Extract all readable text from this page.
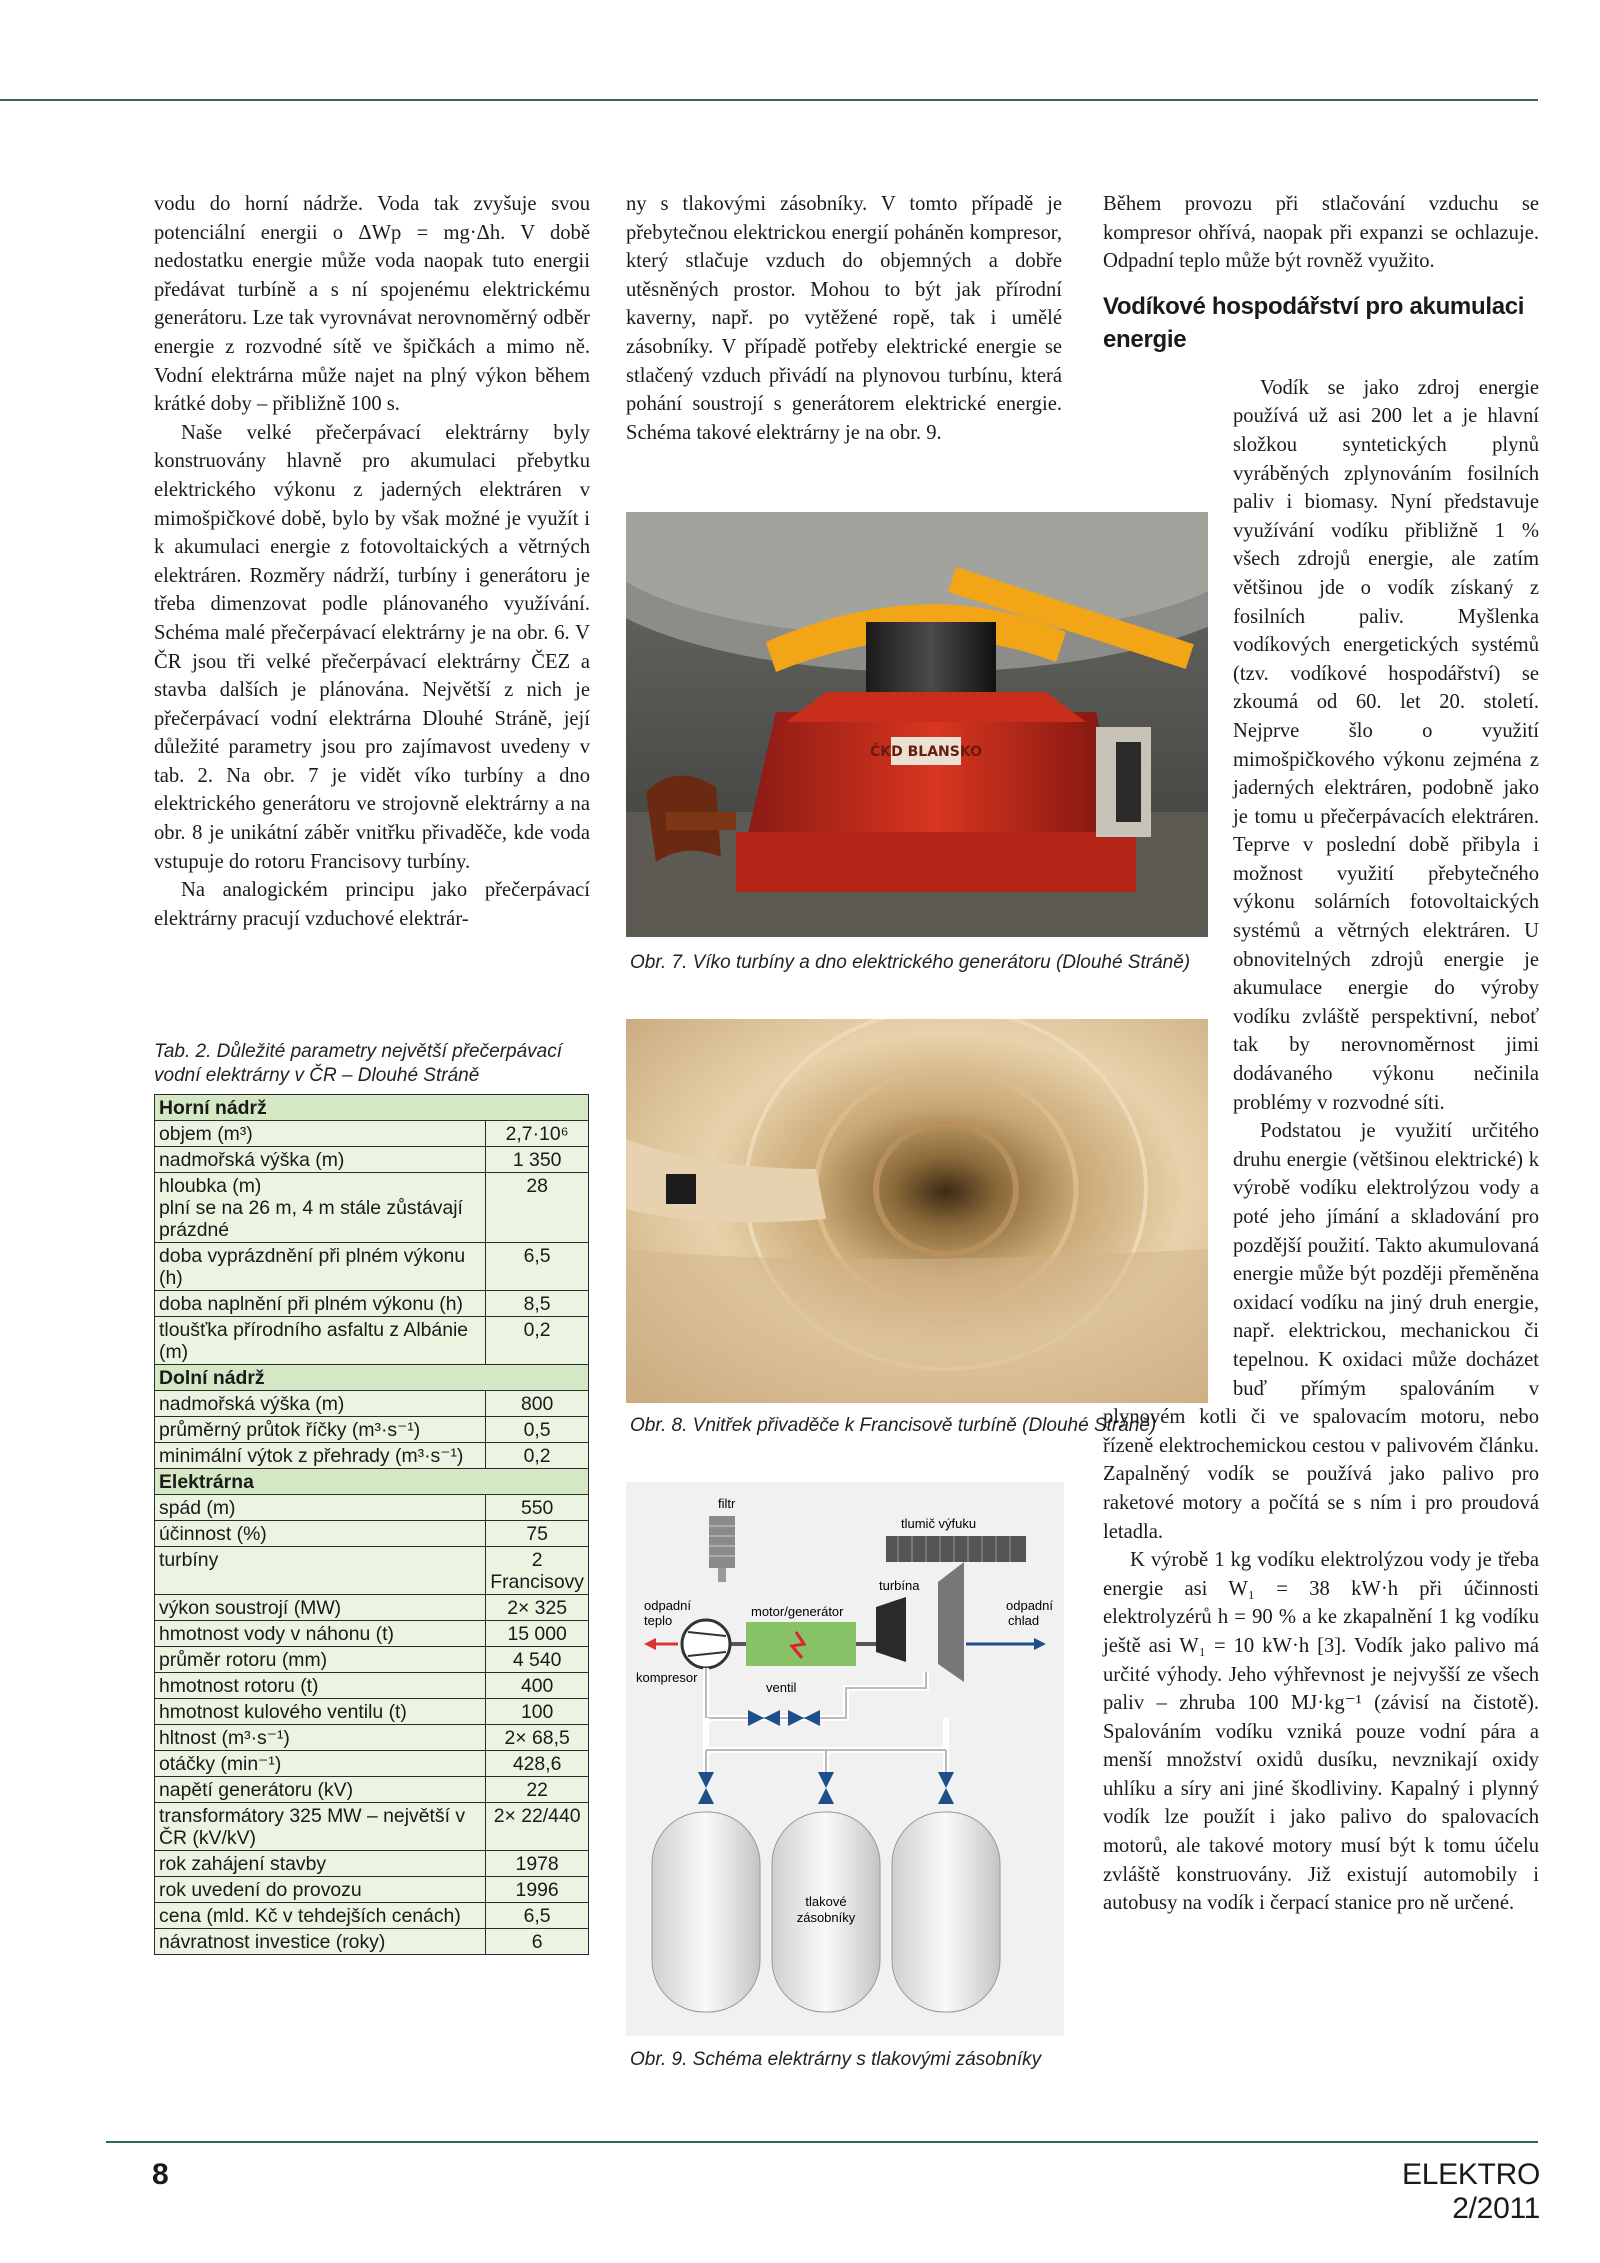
vodu do horní nádrže. Voda tak zvyšuje svou potenciální energii o ΔWp = mg·Δh. V době nedostatku energie může voda naopak tuto energii předávat turbíně a s ní spojenému elektrickému generátoru. Lze tak vyrovnávat nerovnoměrný odběr energie z rozvodné sítě ve špičkách a mimo ně. Vodní elektrárna může najet na plný výkon během krátké doby – přibližně 100 s.

Naše velké přečerpávací elektrárny byly konstruovány hlavně pro akumulaci přebytku elektrického výkonu z jaderných elektráren v mimošpičkové době, bylo by však možné je využít i k akumulaci energie z fotovoltaických a větrných elektráren. Rozměry nádrží, turbíny i generátoru je třeba dimenzovat podle plánovaného využívání. Schéma malé přečerpávací elektrárny je na obr. 6. V ČR jsou tři velké přečerpávací elektrárny ČEZ a stavba dalších je plánována. Největší z nich je přečerpávací vodní elektrárna Dlouhé Stráně, její důležité parametry jsou pro zajímavost uvedeny v tab. 2. Na obr. 7 je vidět víko turbíny a dno elektrického generátoru ve strojovně elektrárny a na obr. 8 je unikátní záběr vnitřku přivaděče, kde voda vstupuje do rotoru Francisovy turbíny.

Na analogickém principu jako přečerpávací elektrárny pracují vzduchové elektrár-

Tab. 2. Důležité parametry největší přečerpávací vodní elektrárny v ČR – Dlouhé Stráně
Horní nádrž	
objem (m³)	2,7·10⁶
nadmořská výška (m)	1 350
hloubka (m)
plní se na 26 m, 4 m stále zůstávají prázdné	28
doba vyprázdnění při plném výkonu (h)	6,5
doba naplnění při plném výkonu (h)	8,5
tloušťka přírodního asfaltu z Albánie (m)	0,2
Dolní nádrž	
nadmořská výška (m)	800
průměrný průtok říčky (m³·s⁻¹)	0,5
minimální výtok z přehrady (m³·s⁻¹)	0,2
Elektrárna	
spád (m)	550
účinnost (%)	75
turbíny	2 Francisovy
výkon soustrojí (MW)	2× 325
hmotnost vody v náhonu (t)	15 000
průměr rotoru (mm)	4 540
hmotnost rotoru (t)	400
hmotnost kulového ventilu (t)	100
hltnost (m³·s⁻¹)	2× 68,5
otáčky (min⁻¹)	428,6
napětí generátoru (kV)	22
transformátory 325 MW – největší v ČR (kV/kV)	2× 22/440
rok zahájení stavby	1978
rok uvedení do provozu	1996
cena (mld. Kč v tehdejších cenách)	6,5
návratnost investice (roky)	6

ny s tlakovými zásobníky. V tomto případě je přebytečnou elektrickou energií poháněn kompresor, který stlačuje vzduch do objemných a dobře utěsněných prostor. Mohou to být jak přírodní kaverny, např. po vytěžené ropě, tak i umělé zásobníky. V případě potřeby elektrické energie se stlačený vzduch přivádí na plynovou turbínu, která pohání soustrojí s generátorem elektrické energie. Schéma takové elektrárny je na obr. 9.

ČKD BLANSKO
Obr. 7. Víko turbíny a dno elektrického generátoru (Dlouhé Stráně)
Obr. 8. Vnitřek přivaděče k Francisově turbíně (Dlouhé Stráně)
filtr
tlumič výfuku
turbína
motor/generátor
kompresor
odpadní
teplo
odpadní
chlad
ventil
tlakové
zásobníky
Obr. 9. Schéma elektrárny s tlakovými zásobníky

Během provozu při stlačování vzduchu se kompresor ohřívá, naopak při expanzi se ochlazuje. Odpadní teplo může být rovněž využito.

Vodíkové hospodářství pro akumulaci energie

Vodík se jako zdroj energie používá už asi 200 let a je hlavní složkou syntetických plynů vyráběných zplynováním fosilních paliv i biomasy. Nyní představuje využívání vodíku přibližně 1 % všech zdrojů energie, ale zatím většinou jde o vodík získaný z fosilních paliv. Myšlenka vodíkových energetických systémů (tzv. vodíkové hospodářství) se zkoumá od 60. let 20. století. Nejprve šlo o využití mimošpičkového výkonu zejména z jaderných elektráren, podobně jako je tomu u přečerpávacích elektráren. Teprve v poslední době přibyla i možnost využití přebytečného výkonu solárních fotovoltaických systémů a větrných elektráren. U obnovitelných zdrojů energie je akumulace energie do výroby vodíku zvláště perspektivní, neboť tak by nerovnoměrnost jimi dodávaného výkonu nečinila problémy v rozvodné síti.

Podstatou je využití určitého druhu energie (většinou elektrické) k výrobě vodíku elektrolýzou vody a poté jeho jímání a skladování pro pozdější použití. Takto akumulovaná energie může být později přeměněna oxidací vodíku na jiný druh energie, např. elektrickou, mechanickou či tepelnou. K oxidaci může docházet buď přímým spalováním v plynovém kotli či ve spalovacím motoru, nebo řízeně elektrochemickou cestou v palivovém článku. Zapalněný vodík se používá jako palivo pro raketové motory a počítá se s ním i pro proudová letadla.

K výrobě 1 kg vodíku elektrolýzou vody je třeba energie asi W₁ = 38 kW·h při účinnosti elektrolyzérů h = 90 % a ke zkapalnění 1 kg vodíku ještě asi W₁ = 10 kW·h [3]. Vodík jako palivo má určité výhody. Jeho výhřevnost je nejvyšší ze všech paliv – zhruba 100 MJ·kg⁻¹ (závisí na čistotě). Spalováním vodíku vzniká pouze vodní pára a menší množství oxidů dusíku, nevznikají oxidy uhlíku a síry ani jiné škodliviny. Kapalný i plynný vodík lze použít i jako palivo do spalovacích motorů, ale takové motory musí být k tomu účelu zvláště konstruovány. Již existují automobily i autobusy na vodík i čerpací stanice pro ně určené.

8	ELEKTRO 2/2011
